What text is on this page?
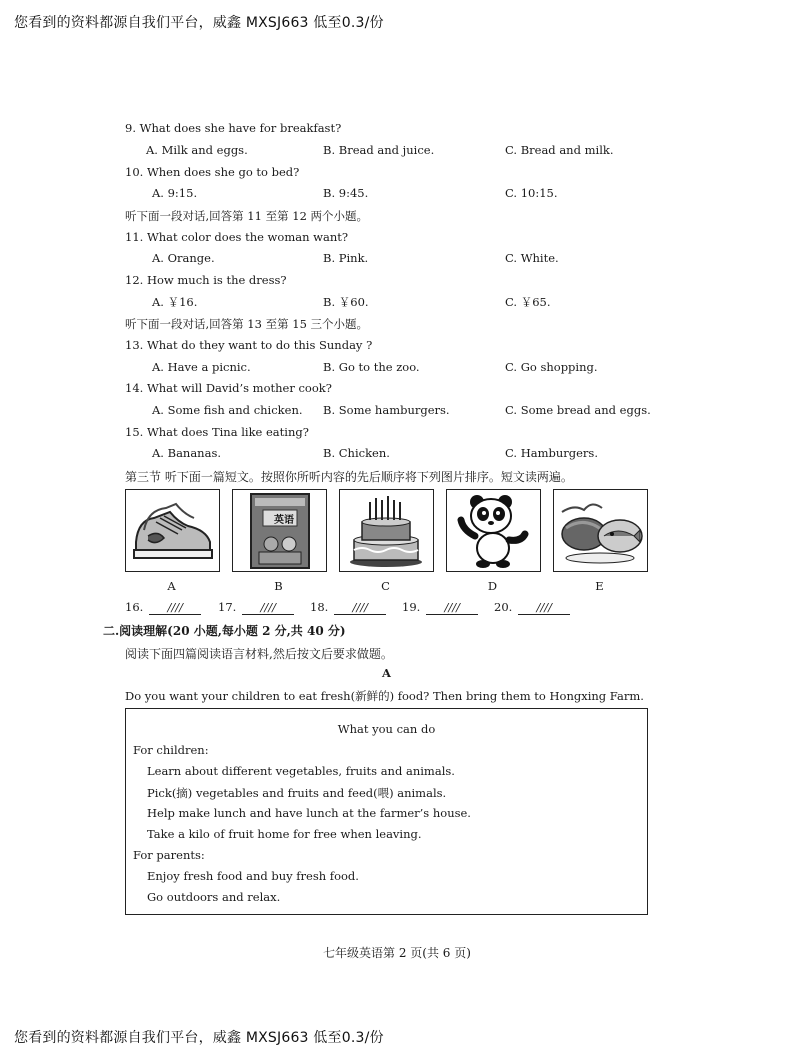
您看到的资料都源自我们平台，威鑫 MXSJ663 低至0.3/份
9. What does she have for breakfast?
A. Milk and eggs.	B. Bread and juice.	C. Bread and milk.
10. When does she go to bed?
A. 9:15.	B. 9:45.	C. 10:15.
听下面一段对话,回答第 11 至第 12 两个小题。
11. What color does the woman want?
A. Orange.	B. Pink.	C. White.
12. How much is the dress?
A. ￥16.	B. ￥60.	C. ￥65.
听下面一段对话,回答第 13 至第 15 三个小题。
13. What do they want to do this Sunday ?
A. Have a picnic.	B. Go to the zoo.	C. Go shopping.
14. What will David’s mother cook?
A. Some fish and chicken. B. Some hamburgers.	C. Some bread and eggs.
15. What does Tina like eating?
A. Bananas.	B. Chicken.	C. Hamburgers.
第三节 听下面一篇短文。按照你所听内容的先后顺序将下列图片排序。短文读两遍。
英语
A	B	C	D	E
16. ////	17. ////	18. ////	19. ////	20. ////
二.阅读理解(20 小题,每小题 2 分,共 40 分)
阅读下面四篇阅读语言材料,然后按文后要求做题。
A
Do you want your children to eat fresh(新鲜的) food? Then bring them to Hongxing Farm.
What you can do
For children:
Learn about different vegetables, fruits and animals.
Pick(摘) vegetables and fruits and feed(喂) animals.
Help make lunch and have lunch at the farmer’s house.
Take a kilo of fruit home for free when leaving.
For parents:
Enjoy fresh food and buy fresh food.
Go outdoors and relax.
七年级英语第 2 页(共 6 页)
您看到的资料都源自我们平台，威鑫 MXSJ663 低至0.3/份
